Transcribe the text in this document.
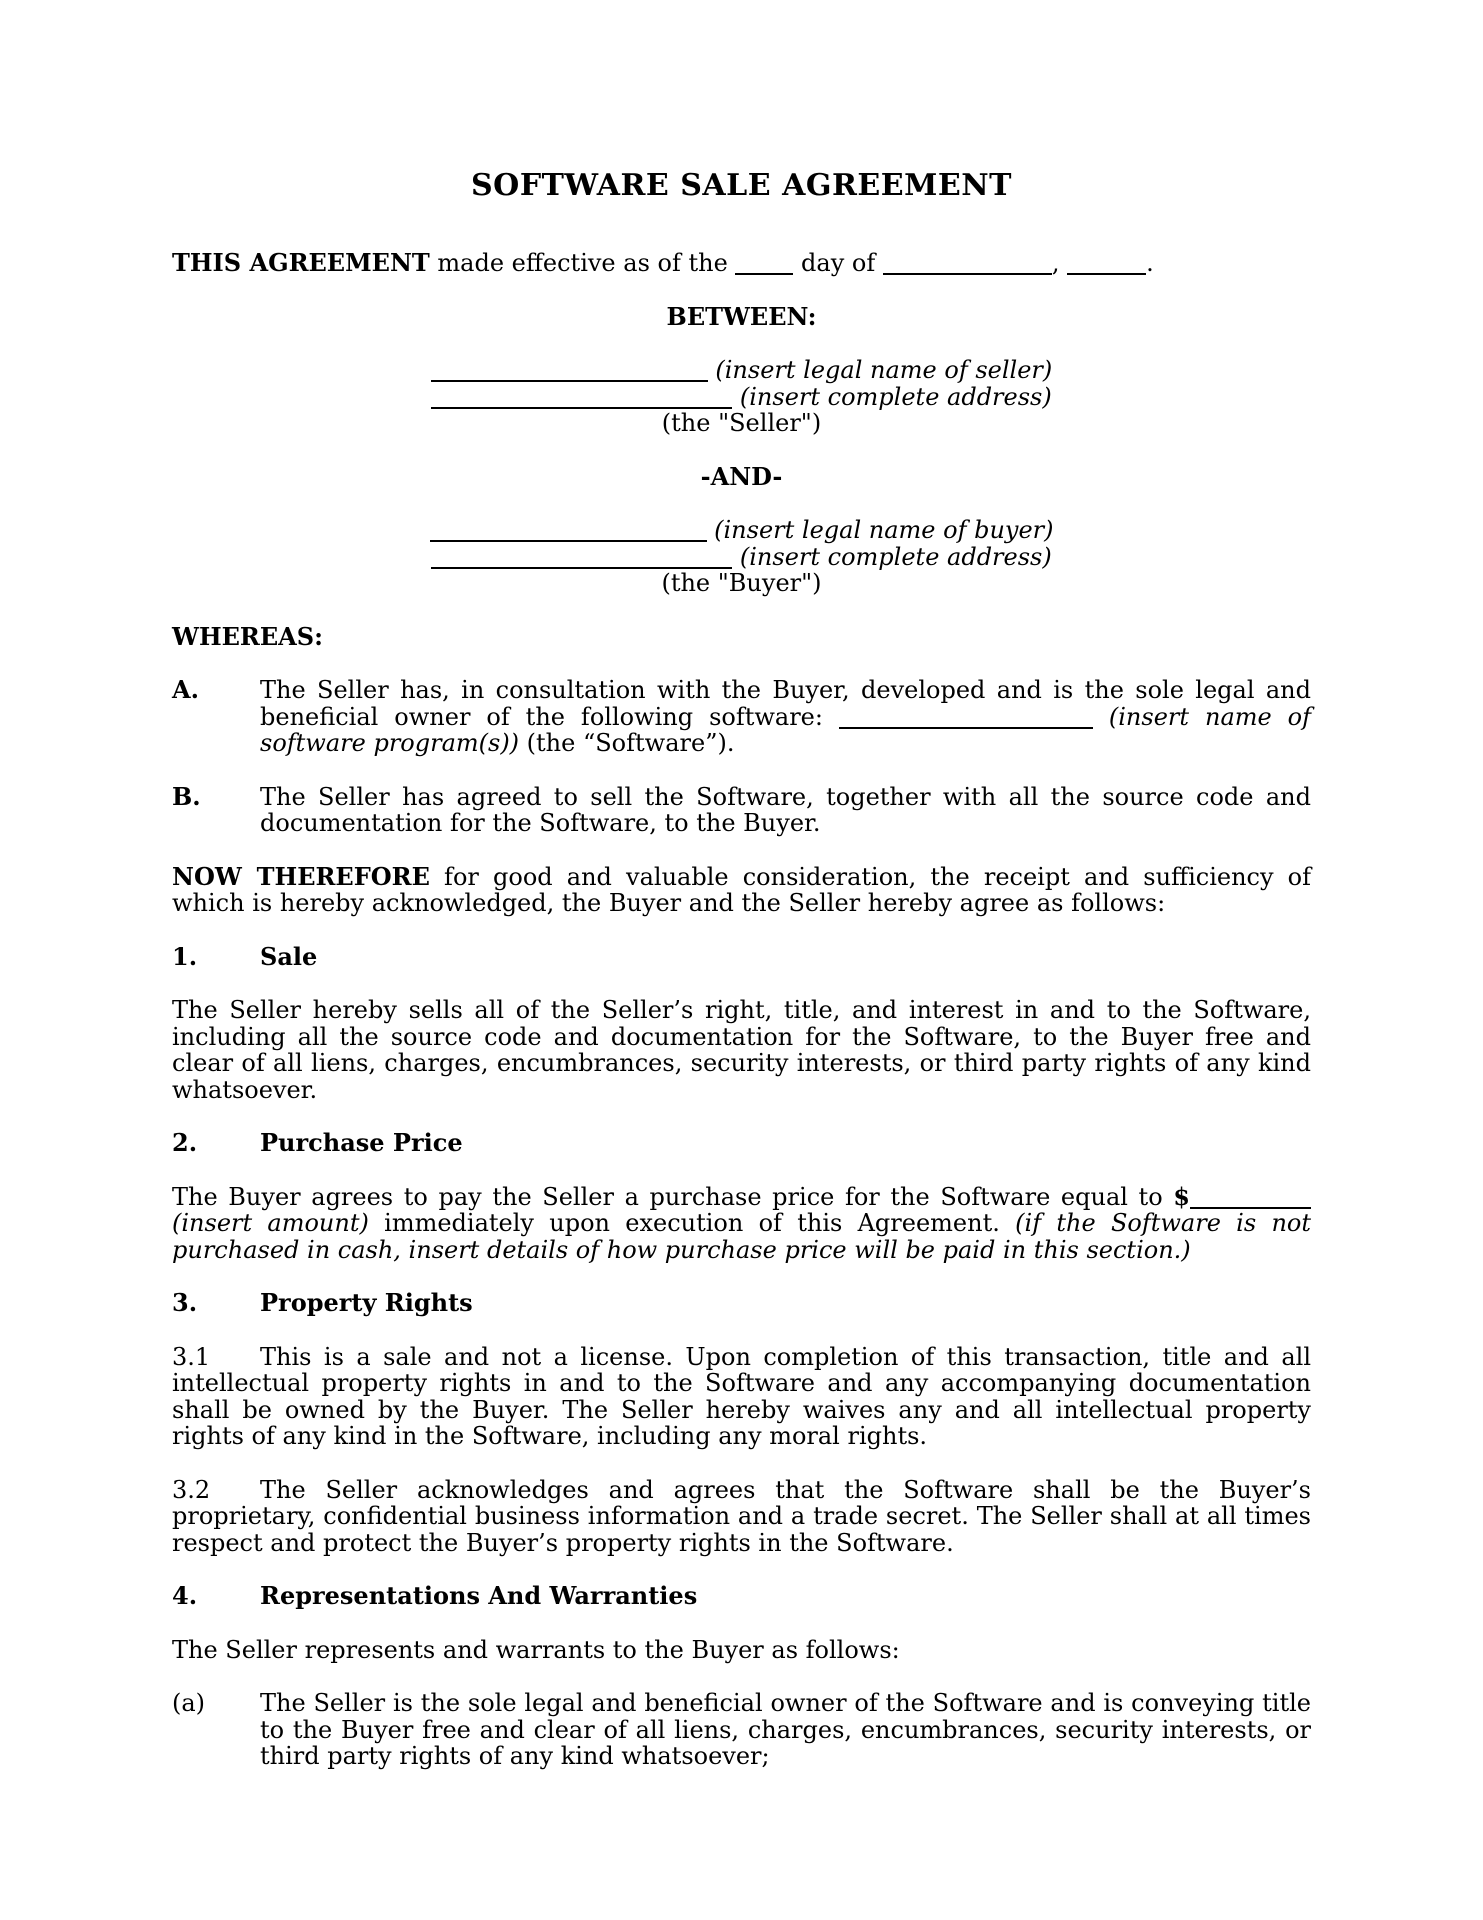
SOFTWARE SALE AGREEMENT

THIS AGREEMENT made effective as of the  day of	,	.

BETWEEN:

(insert legal name of seller)

(insert complete address)

(the "Seller")

-AND-

(insert legal name of buyer)

(insert complete address)

(the "Buyer")

WHEREAS:

A.	The Seller has, in consultation with the Buyer, developed and is the sole legal and beneficial owner of the following software:	(insert name of software program(s)) (the “Software”).

B. The Seller has agreed to sell the Software, together with all the source code and documentation for the Software, to the Buyer.

NOW THEREFORE for good and valuable consideration, the receipt and sufficiency of which is hereby acknowledged, the Buyer and the Seller hereby agree as follows:

1.	Sale

The Seller hereby sells all of the Seller’s right, title, and interest in and to the Software, including all the source code and documentation for the Software, to the Buyer free and clear of all liens, charges, encumbrances, security interests, or third party rights of any kind whatsoever.

2.	Purchase Price

The Buyer agrees to pay the Seller a purchase price for the Software equal to $ (insert amount) immediately upon execution of this Agreement. (if the Software is not purchased in cash, insert details of how purchase price will be paid in this section.)

3.	Property Rights

3.1 This is a sale and not a license. Upon completion of this transaction, title and all intellectual property rights in and to the Software and any accompanying documentation shall be owned by the Buyer. The Seller hereby waives any and all intellectual property rights of any kind in the Software, including any moral rights.

3.2 The Seller acknowledges and agrees that the Software shall be the Buyer’s proprietary, confidential business information and a trade secret. The Seller shall at all times respect and protect the Buyer’s property rights in the Software.

4.	Representations And Warranties

The Seller represents and warrants to the Buyer as follows:

(a) The Seller is the sole legal and beneficial owner of the Software and is conveying title to the Buyer free and clear of all liens, charges, encumbrances, security interests, or third party rights of any kind whatsoever;
